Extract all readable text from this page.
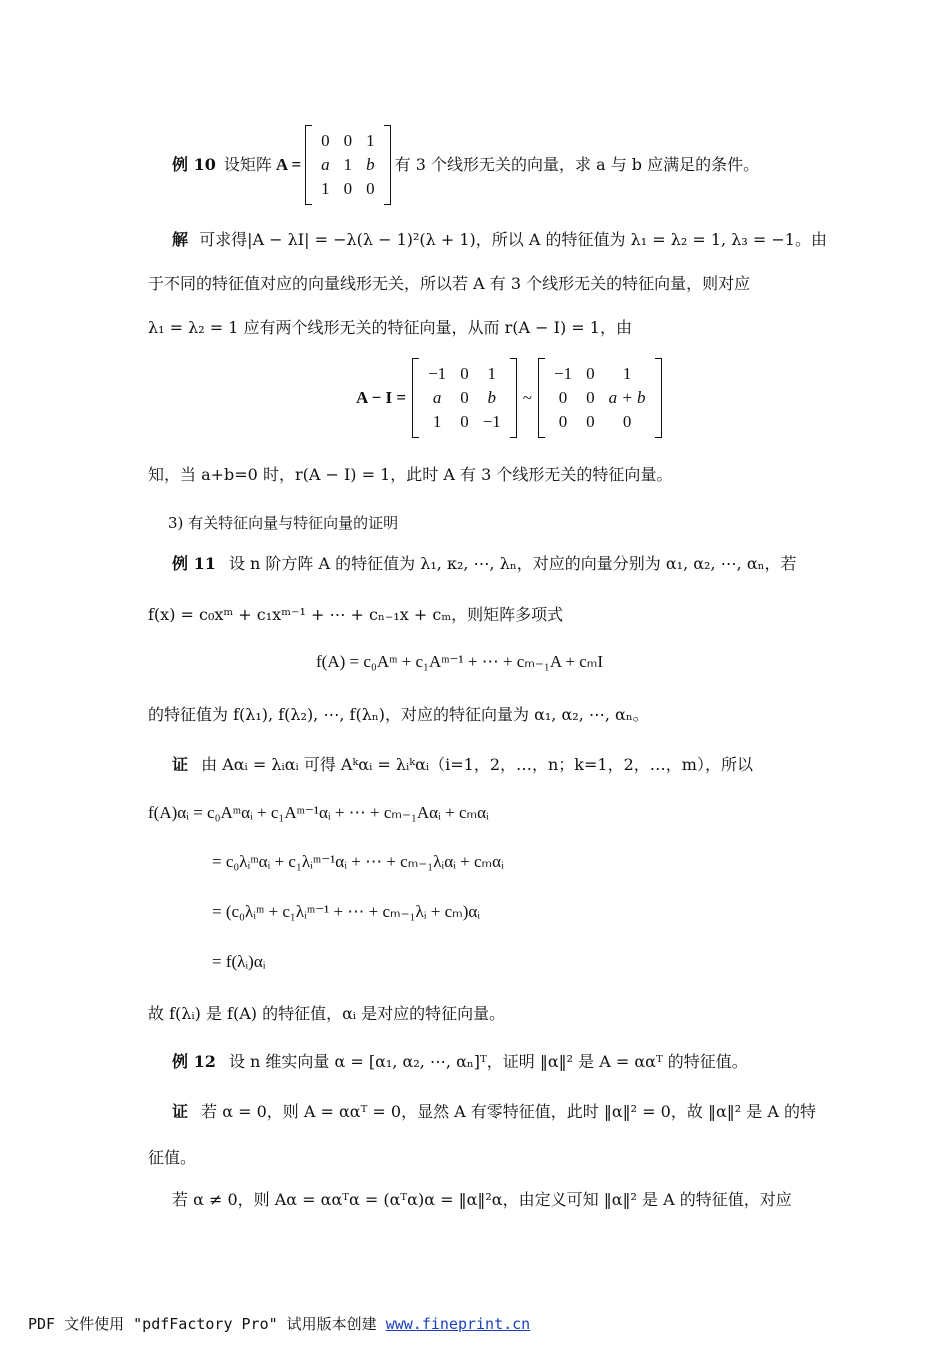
例 10 设矩阵 A =
0 0 1
a 1 b
1 0 0
有 3 个线形无关的向量，求 a 与 b 应满足的条件。
解 可求得|A − λI| = −λ(λ − 1)²(λ + 1)，所以 A 的特征值为 λ₁ = λ₂ = 1, λ₃ = −1。由
于不同的特征值对应的向量线形无关，所以若 A 有 3 个线形无关的特征向量，则对应
λ₁ = λ₂ = 1 应有两个线形无关的特征向量，从而 r(A − I) = 1，由
A − I =
−1 0	1
a	0	b
1	0 −1
~
−1 0	1
0	0 a + b
0	0	0
知，当 a+b=0 时，r(A − I) = 1，此时 A 有 3 个线形无关的特征向量。
3) 有关特征向量与特征向量的证明
例 11 设 n 阶方阵 A 的特征值为 λ₁, κ₂, ⋯, λₙ，对应的向量分别为 α₁, α₂, ⋯, αₙ，若
f(x) = c₀xᵐ + c₁xᵐ⁻¹ + ⋯ + cₙ₋₁x + cₘ，则矩阵多项式
f(A) = c₀Aᵐ + c₁Aᵐ⁻¹ + ⋯ + cₘ₋₁A + cₘI
的特征值为 f(λ₁), f(λ₂), ⋯, f(λₙ)，对应的特征向量为 α₁, α₂, ⋯, αₙ。
证 由 Aαᵢ = λᵢαᵢ 可得 Aᵏαᵢ = λᵢᵏαᵢ（i=1，2，…，n；k=1，2，…，m），所以
f(A)αᵢ = c₀Aᵐαᵢ + c₁Aᵐ⁻¹αᵢ + ⋯ + cₘ₋₁Aαᵢ + cₘαᵢ
= c₀λᵢᵐαᵢ + c₁λᵢᵐ⁻¹αᵢ + ⋯ + cₘ₋₁λᵢαᵢ + cₘαᵢ
= (c₀λᵢᵐ + c₁λᵢᵐ⁻¹ + ⋯ + cₘ₋₁λᵢ + cₘ)αᵢ
= f(λᵢ)αᵢ
故 f(λᵢ) 是 f(A) 的特征值，αᵢ 是对应的特征向量。
例 12 设 n 维实向量 α = [α₁, α₂, ⋯, αₙ]ᵀ，证明 ‖α‖² 是 A = ααᵀ 的特征值。
证 若 α = 0，则 A = ααᵀ = 0，显然 A 有零特征值，此时 ‖α‖² = 0，故 ‖α‖² 是 A 的特
征值。
若 α ≠ 0，则 Aα = ααᵀα = (αᵀα)α = ‖α‖²α，由定义可知 ‖α‖² 是 A 的特征值，对应
PDF 文件使用 "pdfFactory Pro" 试用版本创建 www.fineprint.cn
